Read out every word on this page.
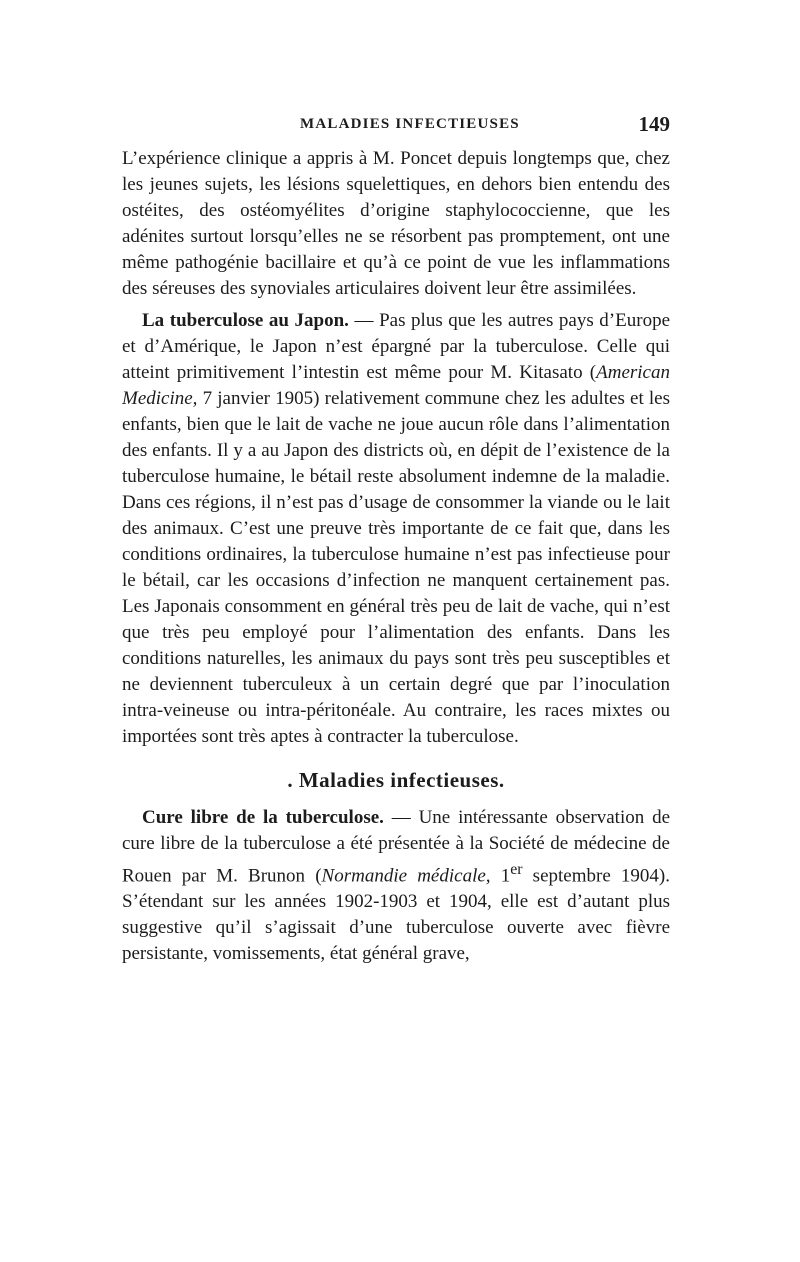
MALADIES INFECTIEUSES	149

L’expérience clinique a appris à M. Poncet depuis longtemps que, chez les jeunes sujets, les lésions squelettiques, en dehors bien entendu des ostéites, des ostéomyélites d’origine staphylococcienne, que les adénites surtout lorsqu’elles ne se résorbent pas promptement, ont une même pathogénie bacillaire et qu’à ce point de vue les inflammations des séreuses des synoviales articulaires doivent leur être assimilées.

La tuberculose au Japon. — Pas plus que les autres pays d’Europe et d’Amérique, le Japon n’est épargné par la tuberculose. Celle qui atteint primitivement l’intestin est même pour M. Kitasato (American Medicine, 7 janvier 1905) relativement commune chez les adultes et les enfants, bien que le lait de vache ne joue aucun rôle dans l’alimentation des enfants. Il y a au Japon des districts où, en dépit de l’existence de la tuberculose humaine, le bétail reste absolument indemne de la maladie. Dans ces régions, il n’est pas d’usage de consommer la viande ou le lait des animaux. C’est une preuve très importante de ce fait que, dans les conditions ordinaires, la tuberculose humaine n’est pas infectieuse pour le bétail, car les occasions d’infection ne manquent certainement pas. Les Japonais consomment en général très peu de lait de vache, qui n’est que très peu employé pour l’alimentation des enfants. Dans les conditions naturelles, les animaux du pays sont très peu susceptibles et ne deviennent tuberculeux à un certain degré que par l’inoculation intra-veineuse ou intra-péritonéale. Au contraire, les races mixtes ou importées sont très aptes à contracter la tuberculose.

. Maladies infectieuses.

Cure libre de la tuberculose. — Une intéressante observation de cure libre de la tuberculose a été présentée à la Société de médecine de Rouen par M. Brunon (Normandie médicale, 1er septembre 1904). S’étendant sur les années 1902-1903 et 1904, elle est d’autant plus suggestive qu’il s’agissait d’une tuberculose ouverte avec fièvre persistante, vomissements, état général grave,
